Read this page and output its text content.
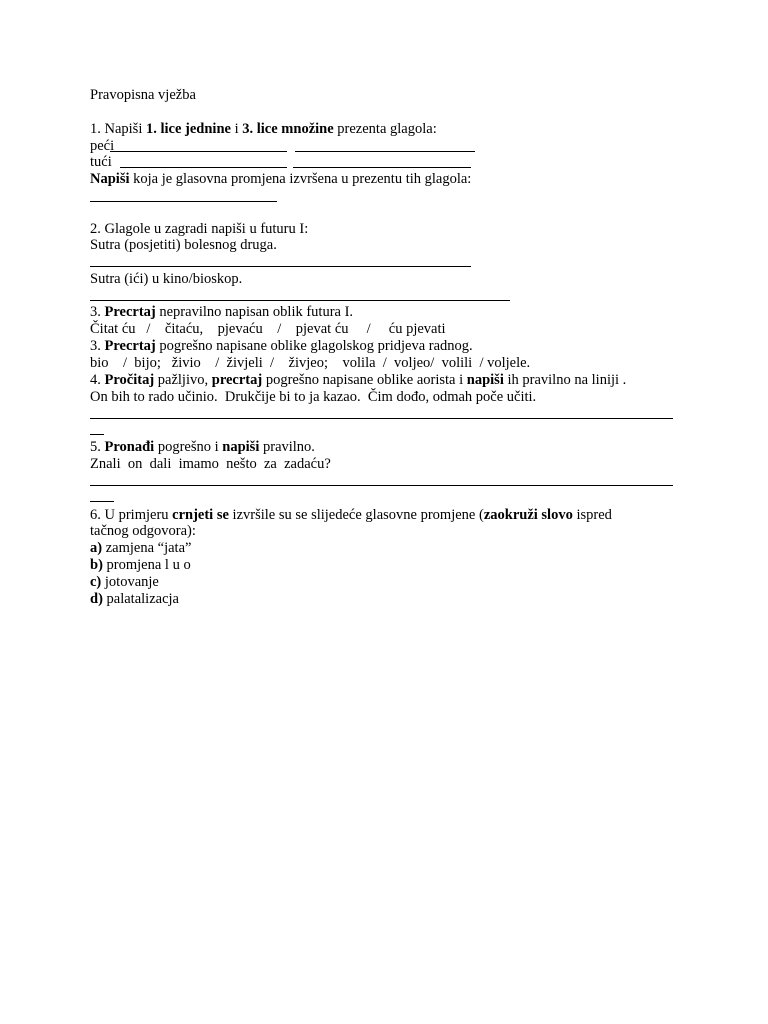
Pravopisna vježba

1. Napiši 1. lice jednine i 3. lice množine prezenta glagola:

peći

tući

Napiši koja je glasovna promjena izvršena u prezentu tih glagola:

2. Glagole u zagradi napiši u futuru I:

Sutra (posjetiti) bolesnog druga.

Sutra (ići) u kino/bioskop.

3. Precrtaj nepravilno napisan oblik futura I.

Čitat ću   /    čitaću,    pjevaću    /    pjevat ću     /     ću pjevati

3. Precrtaj pogrešno napisane oblike glagolskog pridjeva radnog.

bio    /  bijo;   živio    /  živjeli  /    živjeo;    volila  /  voljeo/  volili  / voljele.

4. Pročitaj pažljivo, precrtaj pogrešno napisane oblike aorista i napiši ih pravilno na liniji .

On bih to rado učinio.  Drukčije bi to ja kazao.  Čim dođo, odmah poče učiti.

5. Pronađi pogrešno i napiši pravilno.

Znali  on  dali  imamo  nešto  za  zadaću?

6. U primjeru crnjeti se izvršile su se slijedeće glasovne promjene (zaokruži slovo ispred

tačnog odgovora):

a) zamjena “jata”

b) promjena l u o

c) jotovanje

d) palatalizacja
